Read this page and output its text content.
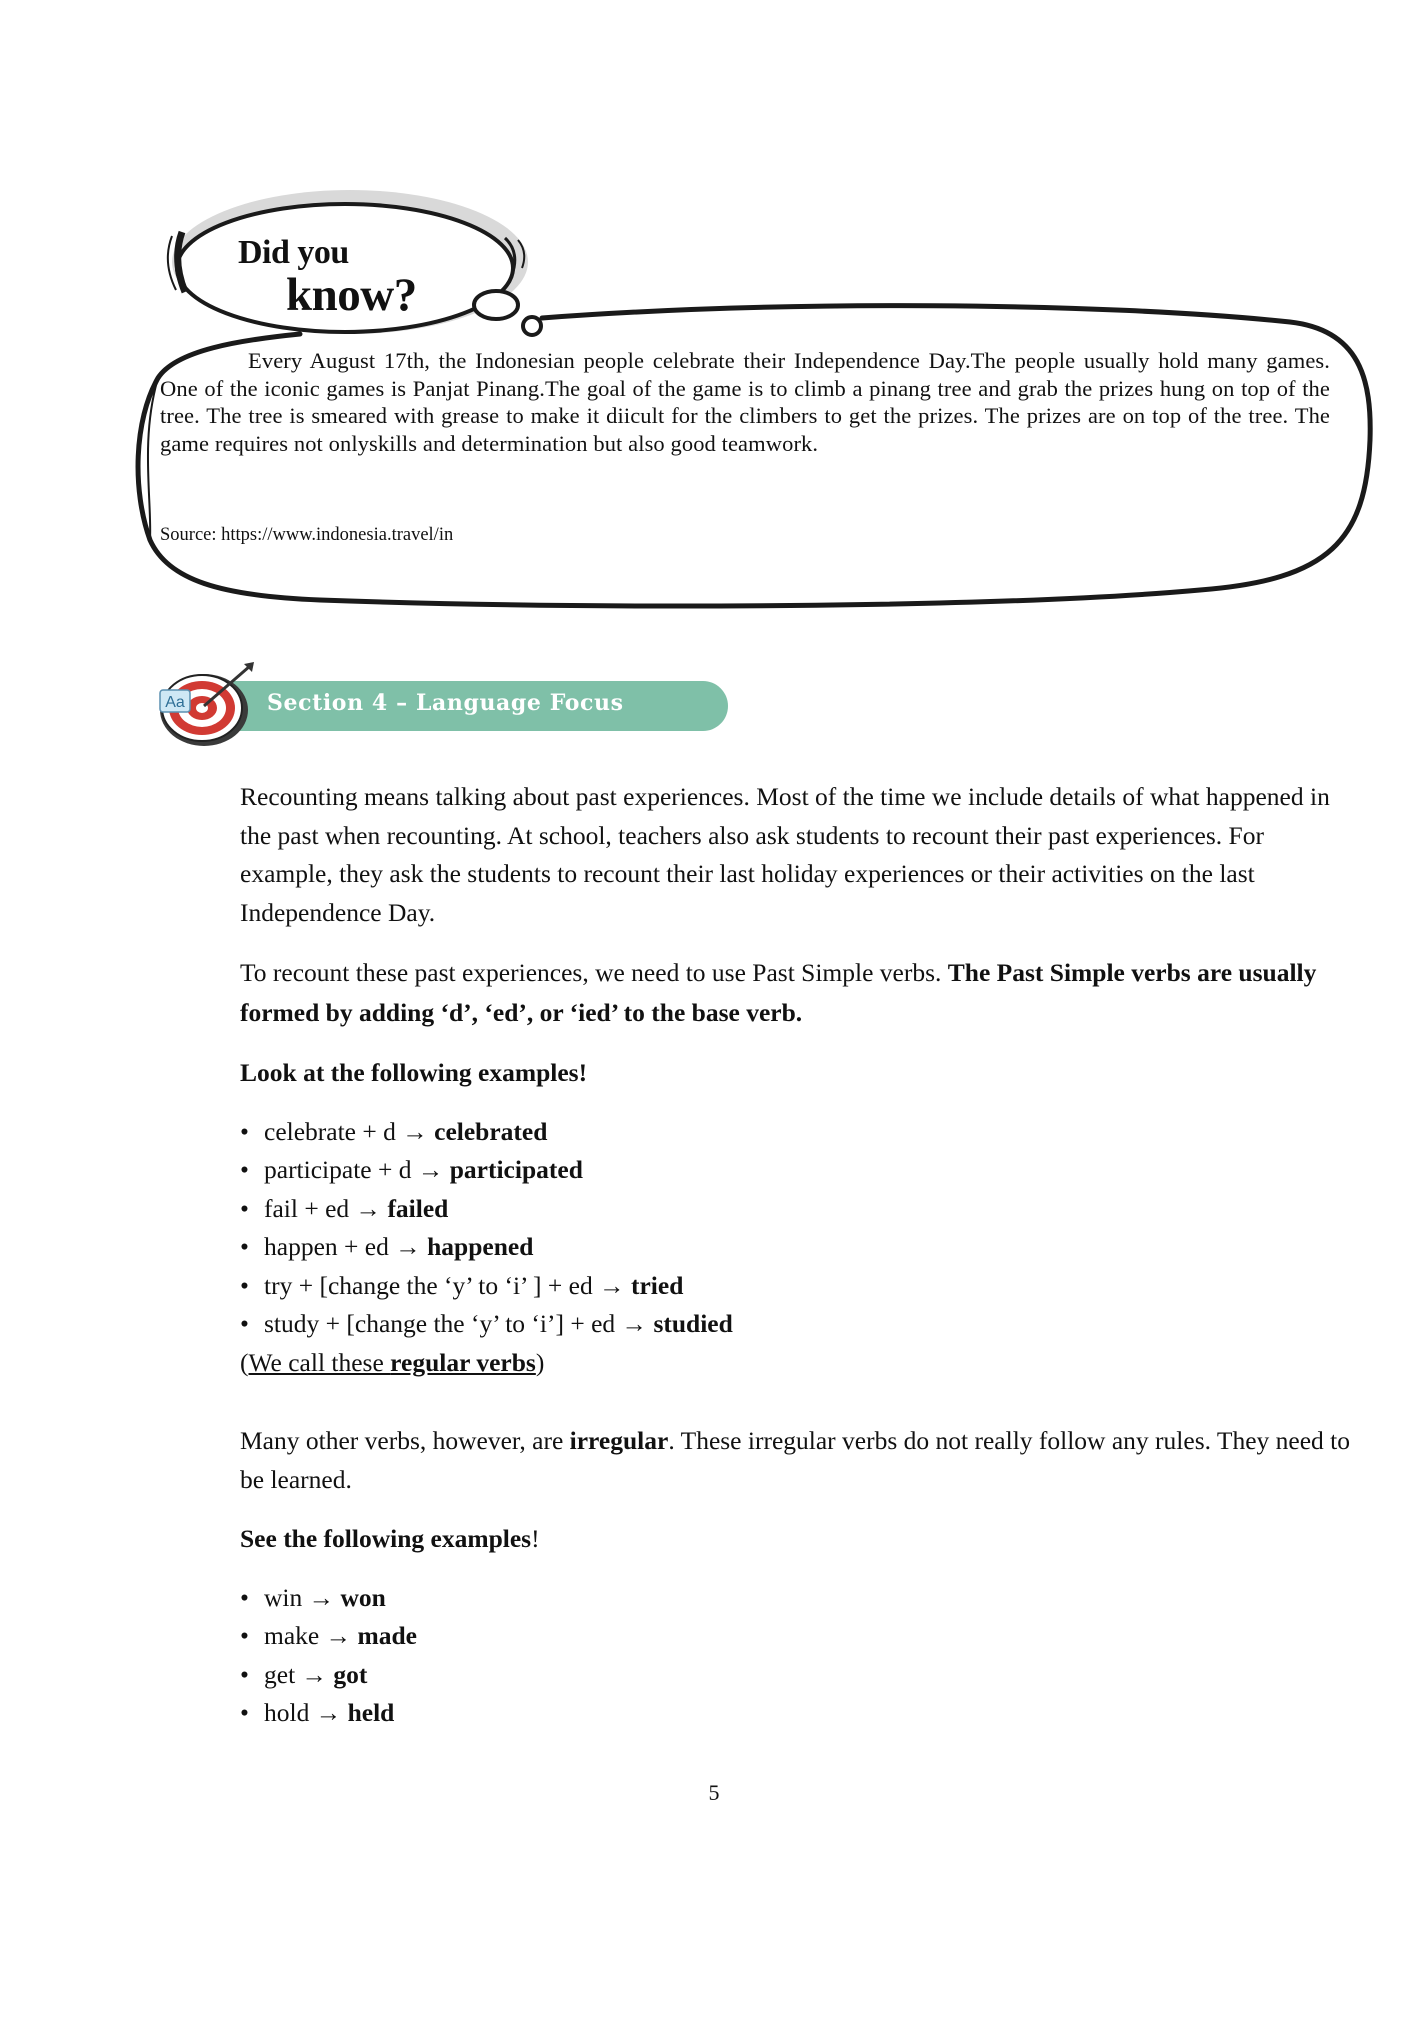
Did you
know?

Every August 17th, the Indonesian people celebrate their Independence Day.The people usually hold many games. One of the iconic games is Panjat Pinang.The goal of the game is to climb a pinang tree and grab the prizes hung on top of the tree. The tree is smeared with grease to make it diicult for the climbers to get the prizes. The prizes are on top of the tree. The game requires not onlyskills and determination but also good teamwork.

Source: https://www.indonesia.travel/in
Aa	Section 4 – Language Focus

Recounting means talking about past experiences. Most of the time we include details of what happened in the past when recounting. At school, teachers also ask students to recount their past experiences. For example, they ask the students to recount their last holiday experiences or their activities on the last Independence Day.

To recount these past experiences, we need to use Past Simple verbs. The Past Simple verbs are usually formed by adding ‘d’, ‘ed’, or ‘ied’ to the base verb.

Look at the following examples!

• celebrate + d → celebrated
• participate + d → participated
• fail + ed → failed
• happen + ed → happened
• try + [change the ‘y’ to ‘i’ ] + ed → tried
• study + [change the ‘y’ to ‘i’] + ed → studied

(We call these regular verbs)

Many other verbs, however, are irregular. These irregular verbs do not really follow any rules. They need to be learned.

See the following examples!

• win → won
• make → made
• get → got
• hold → held
5
